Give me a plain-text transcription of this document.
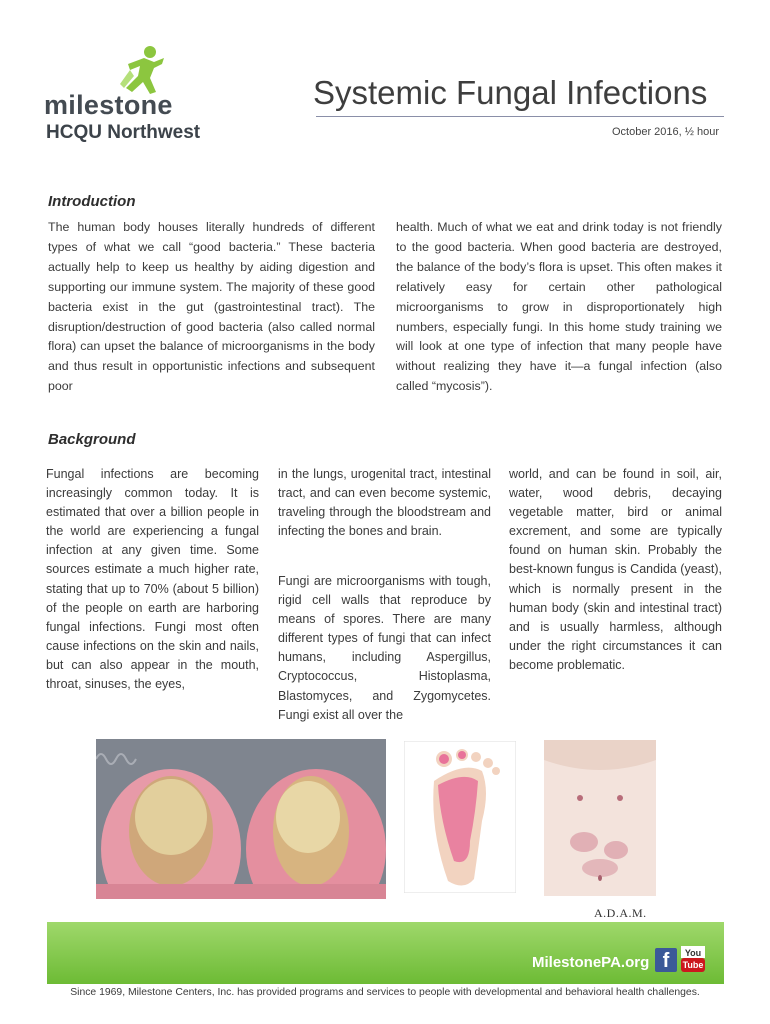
milestone
HCQU Northwest
Systemic Fungal Infections
October 2016, ½ hour
Introduction

The human body houses literally hundreds of different types of what we call “good bacteria.” These bacteria actually help to keep us healthy by aiding digestion and supporting our immune system. The majority of these good bacteria exist in the gut (gastrointestinal tract). The disruption/destruction of good bacteria (also called normal flora) can upset the balance of microorganisms in the body and thus result in opportunistic infections and subsequent poor

health. Much of what we eat and drink today is not friendly to the good bacteria. When good bacteria are destroyed, the balance of the body’s flora is upset. This often makes it relatively easy for certain other pathological microorganisms to grow in disproportionately high numbers, especially fungi. In this home study training we will look at one type of infection that many people have without realizing they have it—a fungal infection (also called “mycosis”).

Background

Fungal infections are becoming increasingly common today. It is estimated that over a billion people in the world are experiencing a fungal infection at any given time. Some sources estimate a much higher rate, stating that up to 70% (about 5 billion) of the people on earth are harboring fungal infections. Fungi most often cause infections on the skin and nails, but can also appear in the mouth, throat, sinuses, the eyes,

in the lungs, urogenital tract, intestinal tract, and can even become systemic, traveling through the bloodstream and infecting the bones and brain.

Fungi are microorganisms with tough, rigid cell walls that reproduce by means of spores. There are many different types of fungi that can infect humans, including Aspergillus, Cryptococcus, Histoplasma, Blastomyces, and Zygomycetes. Fungi exist all over the

world, and can be found in soil, air, water, wood debris, decaying vegetable matter, bird or animal excrement, and some are typically found on human skin. Probably the best-known fungus is Candida (yeast), which is normally present in the human body (skin and intestinal tract) and is usually harmless, although under the right circumstances it can become problematic.

A.D.A.M.
MilestonePA.org f	You
Tube
Since 1969, Milestone Centers, Inc. has provided programs and services to people with developmental and behavioral health challenges.
